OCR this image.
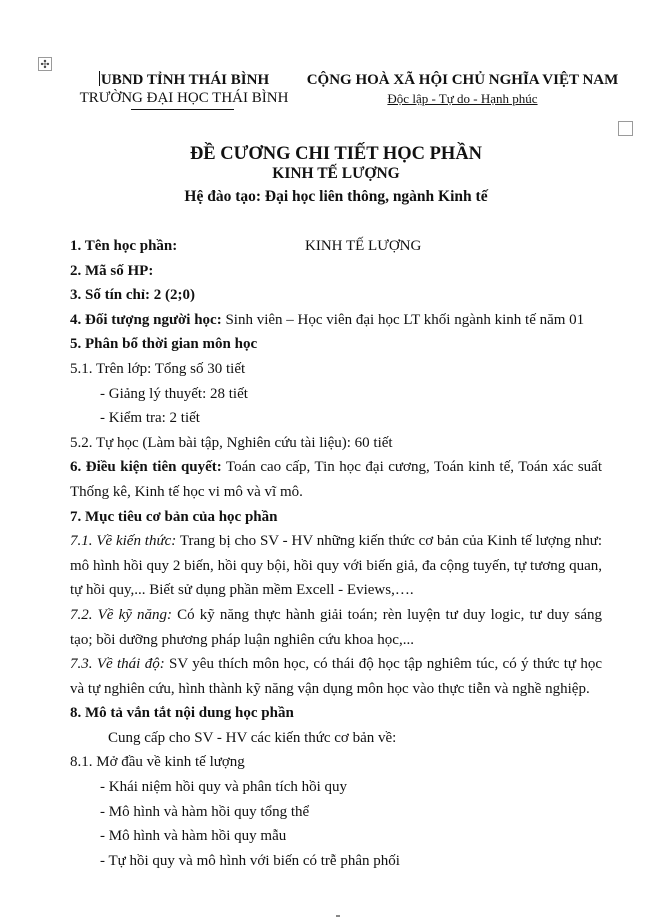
✣
UBND TỈNH THÁI BÌNH
TRƯỜNG ĐẠI HỌC THÁI BÌNH
CỘNG HOÀ XÃ HỘI CHỦ NGHĨA VIỆT NAM
Độc lập - Tự do - Hạnh phúc
ĐỀ CƯƠNG CHI TIẾT HỌC PHẦN
KINH TẾ LƯỢNG
Hệ đào tạo: Đại học liên thông, ngành Kinh tế

1. Tên học phần:	KINH TẾ LƯỢNG

2. Mã số HP:

3. Số tín chỉ: 2 (2;0)

4. Đối tượng người học: Sinh viên – Học viên đại học LT khối ngành kinh tế năm 01

5. Phân bổ thời gian môn học

5.1. Trên lớp: Tổng số 30 tiết

- Giảng lý thuyết: 28 tiết

- Kiểm tra: 2 tiết

5.2. Tự học (Làm bài tập, Nghiên cứu tài liệu): 60 tiết

6. Điều kiện tiên quyết: Toán cao cấp, Tin học đại cương, Toán kinh tế, Toán xác suất Thống kê, Kinh tế học vi mô và vĩ mô.

7. Mục tiêu cơ bản của học phần

7.1. Về kiến thức: Trang bị cho SV - HV những kiến thức cơ bản của Kinh tế lượng như: mô hình hồi quy 2 biến, hồi quy bội, hồi quy với biến giả, đa cộng tuyến, tự tương quan, tự hồi quy,... Biết sử dụng phần mềm Excell - Eviews,….

7.2. Về kỹ năng: Có kỹ năng thực hành giải toán; rèn luyện tư duy logic, tư duy sáng tạo; bồi dưỡng phương pháp luận nghiên cứu khoa học,...

7.3. Về thái độ: SV yêu thích môn học, có thái độ học tập nghiêm túc, có ý thức tự học và tự nghiên cứu, hình thành kỹ năng vận dụng môn học vào thực tiễn và nghề nghiệp.

8. Mô tả vắn tắt nội dung học phần

Cung cấp cho SV - HV các kiến thức cơ bản về:

8.1. Mở đầu về kinh tế lượng

- Khái niệm hồi quy và phân tích hồi quy

- Mô hình và hàm hồi quy tổng thể

- Mô hình và hàm hồi quy mẫu

- Tự hồi quy và mô hình với biến có trễ phân phối
